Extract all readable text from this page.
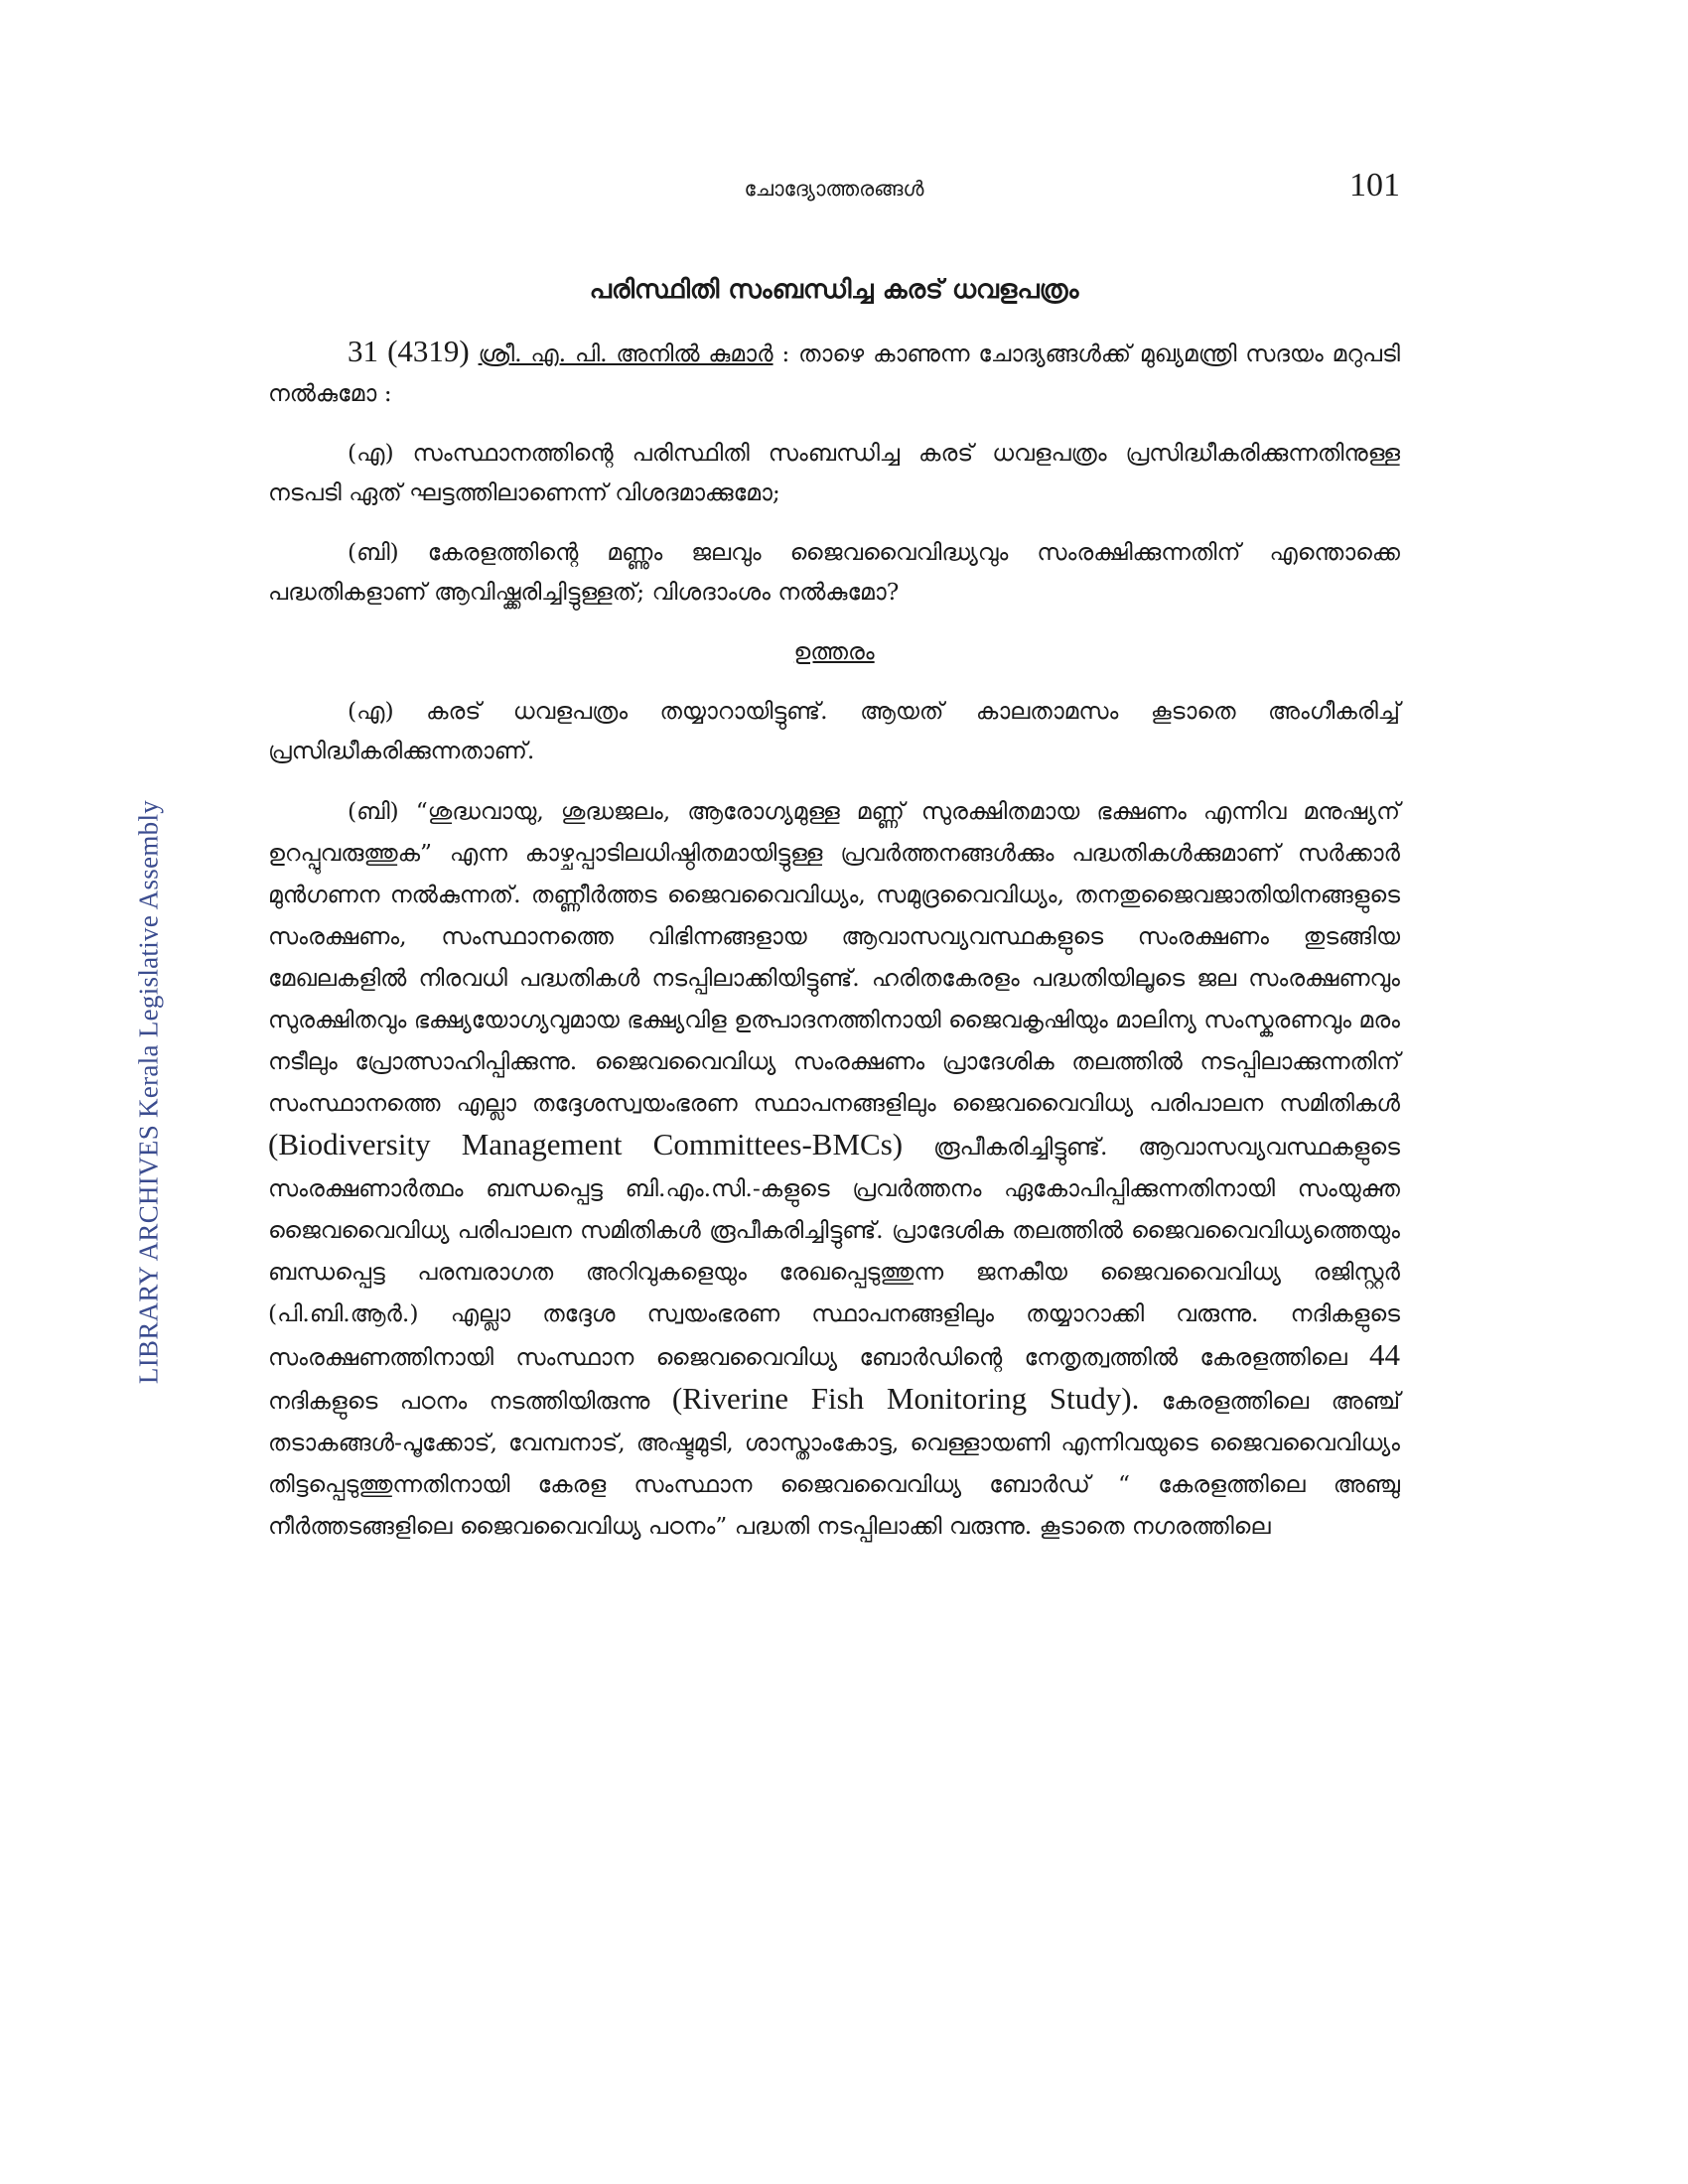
LIBRARY ARCHIVES Kerala Legislative Assembly
ചോദ്യോത്തരങ്ങൾ	101
പരിസ്ഥിതി സംബന്ധിച്ച കരട് ധവളപത്രം

31 (4319) ശ്രീ. എ. പി. അനിൽ കുമാർ : താഴെ കാണുന്ന ചോദ്യങ്ങൾക്ക് മുഖ്യമന്ത്രി സദയം മറുപടി നൽകുമോ :

(എ) സംസ്ഥാനത്തിന്റെ പരിസ്ഥിതി സംബന്ധിച്ച കരട് ധവളപത്രം പ്രസിദ്ധീകരിക്കുന്നതിനുള്ള നടപടി ഏത് ഘട്ടത്തിലാണെന്ന് വിശദമാക്കുമോ;

(ബി) കേരളത്തിന്റെ മണ്ണും ജലവും ജൈവവൈവിദ്ധ്യവും സംരക്ഷിക്കുന്നതിന് എന്തൊക്കെ പദ്ധതികളാണ് ആവിഷ്ക്കരിച്ചിട്ടുള്ളത്; വിശദാംശം നൽകുമോ?

ഉത്തരം

(എ) കരട് ധവളപത്രം തയ്യാറായിട്ടുണ്ട്. ആയത് കാലതാമസം കൂടാതെ അംഗീകരിച്ച് പ്രസിദ്ധീകരിക്കുന്നതാണ്.

(ബി) “ശുദ്ധവായു, ശുദ്ധജലം, ആരോഗ്യമുള്ള മണ്ണ് സുരക്ഷിതമായ ഭക്ഷണം എന്നിവ മനുഷ്യന് ഉറപ്പുവരുത്തുക” എന്ന കാഴ്ചപ്പാടിലധിഷ്ഠിതമായിട്ടുള്ള പ്രവർത്തനങ്ങൾക്കും പദ്ധതികൾക്കുമാണ് സർക്കാർ മുൻഗണന നൽകുന്നത്. തണ്ണീർത്തട ജൈവവൈവിധ്യം, സമുദ്രവൈവിധ്യം, തനതുജൈവജാതിയിനങ്ങളുടെ സംരക്ഷണം, സംസ്ഥാനത്തെ വിഭിന്നങ്ങളായ ആവാസവ്യവസ്ഥകളുടെ സംരക്ഷണം തുടങ്ങിയ മേഖലകളിൽ നിരവധി പദ്ധതികൾ നടപ്പിലാക്കിയിട്ടുണ്ട്. ഹരിതകേരളം പദ്ധതിയിലൂടെ ജല സംരക്ഷണവും സുരക്ഷിതവും ഭക്ഷ്യയോഗ്യവുമായ ഭക്ഷ്യവിള ഉത്പാദനത്തിനായി ജൈവകൃഷിയും മാലിന്യ സംസ്കരണവും മരം നടീലും പ്രോത്സാഹിപ്പിക്കുന്നു. ജൈവവൈവിധ്യ സംരക്ഷണം പ്രാദേശിക തലത്തിൽ നടപ്പിലാക്കുന്നതിന് സംസ്ഥാനത്തെ എല്ലാ തദ്ദേശസ്വയംഭരണ സ്ഥാപനങ്ങളിലും ജൈവവൈവിധ്യ പരിപാലന സമിതികൾ (Biodiversity Management Committees-BMCs) രൂപീകരിച്ചിട്ടുണ്ട്. ആവാസവ്യവസ്ഥകളുടെ സംരക്ഷണാർത്ഥം ബന്ധപ്പെട്ട ബി.എം.സി.-കളുടെ പ്രവർത്തനം ഏകോപിപ്പിക്കുന്നതിനായി സംയുക്ത ജൈവവൈവിധ്യ പരിപാലന സമിതികൾ രൂപീകരിച്ചിട്ടുണ്ട്. പ്രാദേശിക തലത്തിൽ ജൈവവൈവിധ്യത്തെയും ബന്ധപ്പെട്ട പരമ്പരാഗത അറിവുകളെയും രേഖപ്പെടുത്തുന്ന ജനകീയ ജൈവവൈവിധ്യ രജിസ്റ്റർ (പി.ബി.ആർ.) എല്ലാ തദ്ദേശ സ്വയംഭരണ സ്ഥാപനങ്ങളിലും തയ്യാറാക്കി വരുന്നു. നദികളുടെ സംരക്ഷണത്തിനായി സംസ്ഥാന ജൈവവൈവിധ്യ ബോർഡിന്റെ നേതൃത്വത്തിൽ കേരളത്തിലെ 44 നദികളുടെ പഠനം നടത്തിയിരുന്നു (Riverine Fish Monitoring Study). കേരളത്തിലെ അഞ്ച് തടാകങ്ങൾ-പൂക്കോട്, വേമ്പനാട്, അഷ്ടമുടി, ശാസ്താംകോട്ട, വെള്ളായണി എന്നിവയുടെ ജൈവവൈവിധ്യം തിട്ടപ്പെടുത്തുന്നതിനായി കേരള സംസ്ഥാന ജൈവവൈവിധ്യ ബോർഡ് “ കേരളത്തിലെ അഞ്ചു നീർത്തടങ്ങളിലെ ജൈവവൈവിധ്യ പഠനം” പദ്ധതി നടപ്പിലാക്കി വരുന്നു. കൂടാതെ നഗരത്തിലെ
